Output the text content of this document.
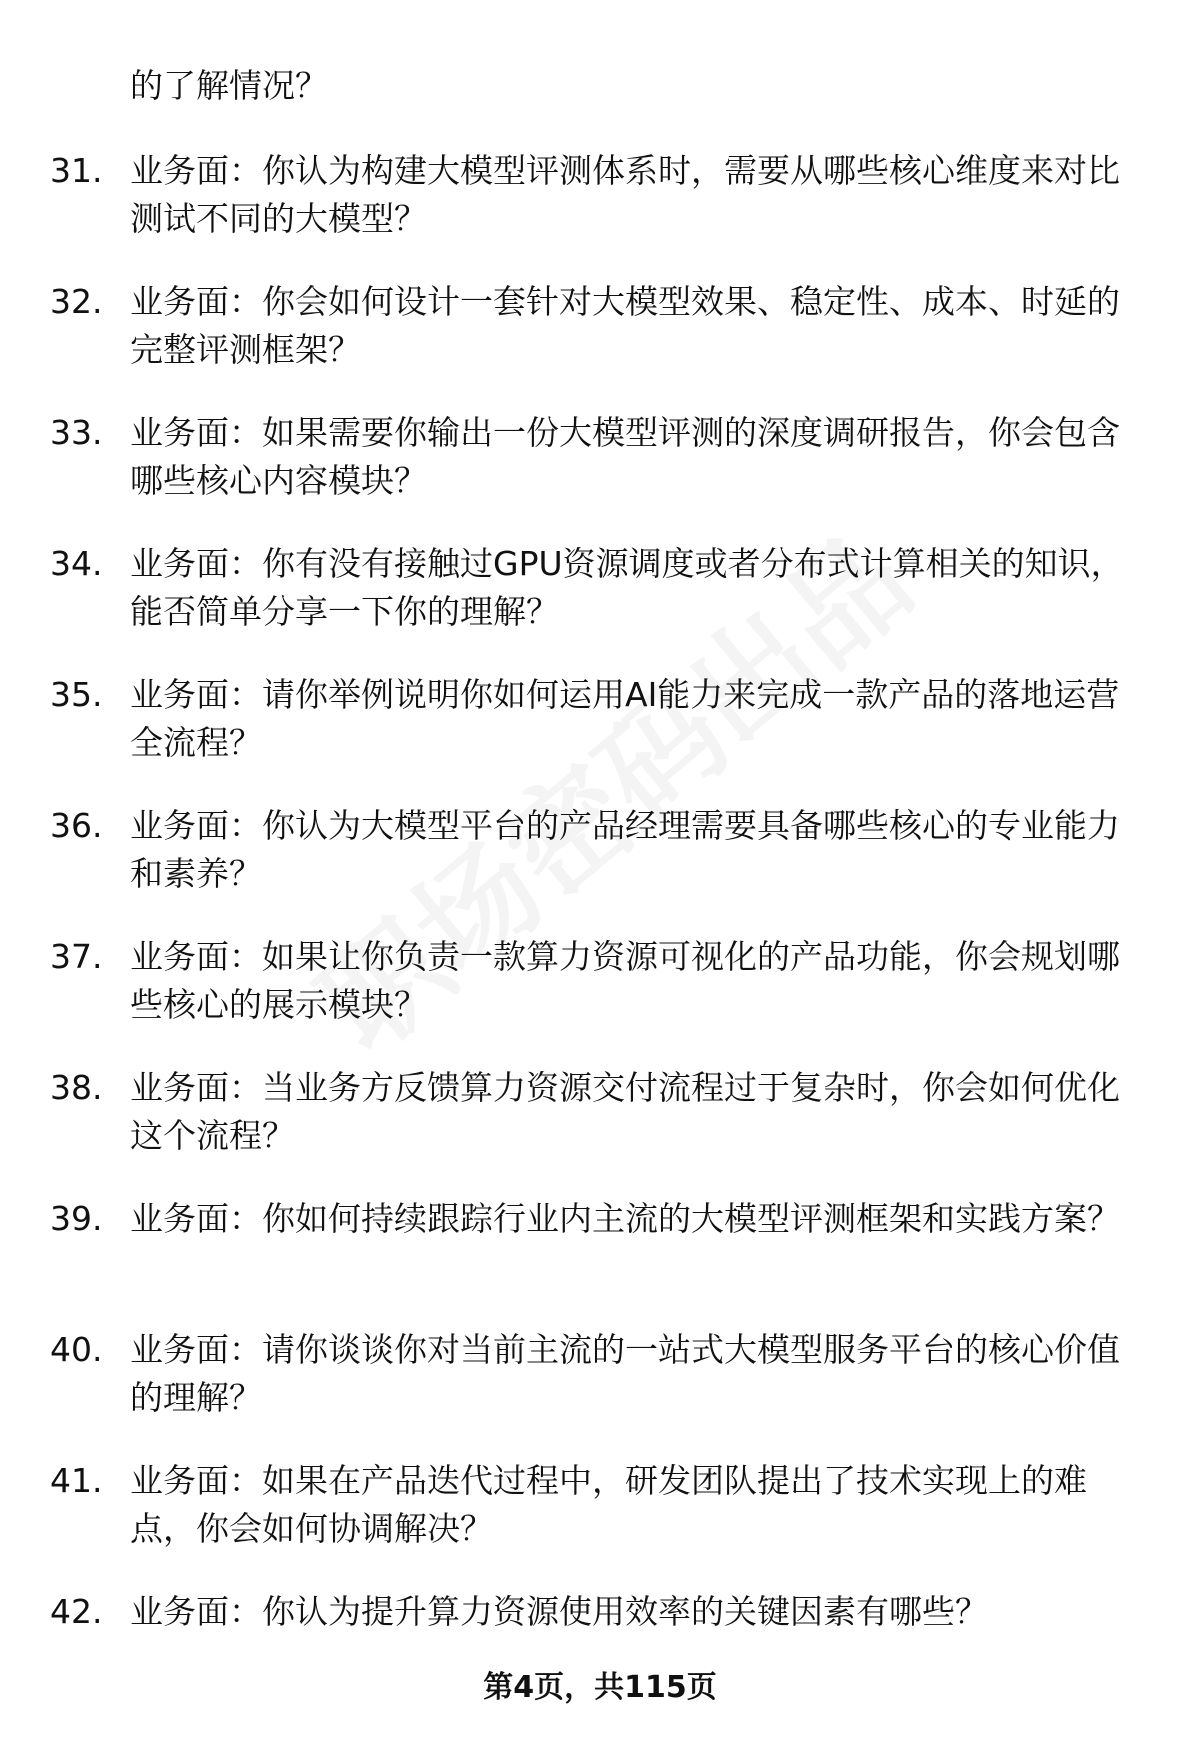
的了解情况？
31. 业务面：你认为构建大模型评测体系时，需要从哪些核心维度来对比测试不同的大模型？
32. 业务面：你会如何设计一套针对大模型效果、稳定性、成本、时延的完整评测框架？
33. 业务面：如果需要你输出一份大模型评测的深度调研报告，你会包含哪些核心内容模块？
34. 业务面：你有没有接触过GPU资源调度或者分布式计算相关的知识，能否简单分享一下你的理解？
35. 业务面：请你举例说明你如何运用AI能力来完成一款产品的落地运营全流程？
36. 业务面：你认为大模型平台的产品经理需要具备哪些核心的专业能力和素养？
37. 业务面：如果让你负责一款算力资源可视化的产品功能，你会规划哪些核心的展示模块？
38. 业务面：当业务方反馈算力资源交付流程过于复杂时，你会如何优化这个流程？
39. 业务面：你如何持续跟踪行业内主流的大模型评测框架和实践方案？
40. 业务面：请你谈谈你对当前主流的一站式大模型服务平台的核心价值的理解？
41. 业务面：如果在产品迭代过程中，研发团队提出了技术实现上的难点，你会如何协调解决？
42. 业务面：你认为提升算力资源使用效率的关键因素有哪些？
第4页，共115页
